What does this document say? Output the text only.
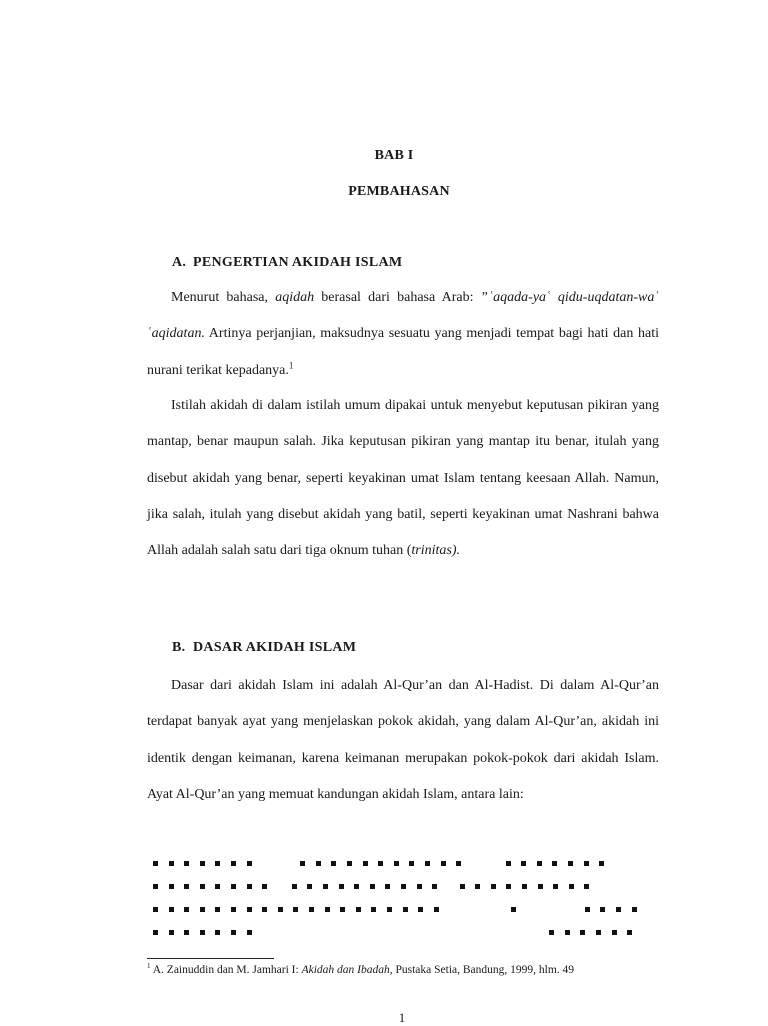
BAB I
PEMBAHASAN
A. PENGERTIAN AKIDAH ISLAM

Menurut bahasa, aqidah berasal dari bahasa Arab: ˮʿaqada-yaʿ qidu-uqdatan-waʿ ʿaqidatan. Artinya perjanjian, maksudnya sesuatu yang menjadi tempat bagi hati dan hati nurani terikat kepadanya.$^1$

Istilah akidah di dalam istilah umum dipakai untuk menyebut keputusan pikiran yang mantap, benar maupun salah. Jika keputusan pikiran yang mantap itu benar, itulah yang disebut akidah yang benar, seperti keyakinan umat Islam tentang keesaan Allah. Namun, jika salah, itulah yang disebut akidah yang batil, seperti keyakinan umat Nashrani bahwa Allah adalah salah satu dari tiga oknum tuhan (trinitas).

B. DASAR AKIDAH ISLAM

Dasar dari akidah Islam ini adalah Al-Qur’an dan Al-Hadist. Di dalam Al-Qur’an terdapat banyak ayat yang menjelaskan pokok akidah, yang dalam Al-Qur’an, akidah ini identik dengan keimanan, karena keimanan merupakan pokok-pokok dari akidah Islam. Ayat Al-Qur’an yang memuat kandungan akidah Islam, antara lain:

$^1$ A. Zainuddin dan M. Jamhari I: Akidah dan Ibadah, Pustaka Setia, Bandung, 1999, hlm. 49
1
